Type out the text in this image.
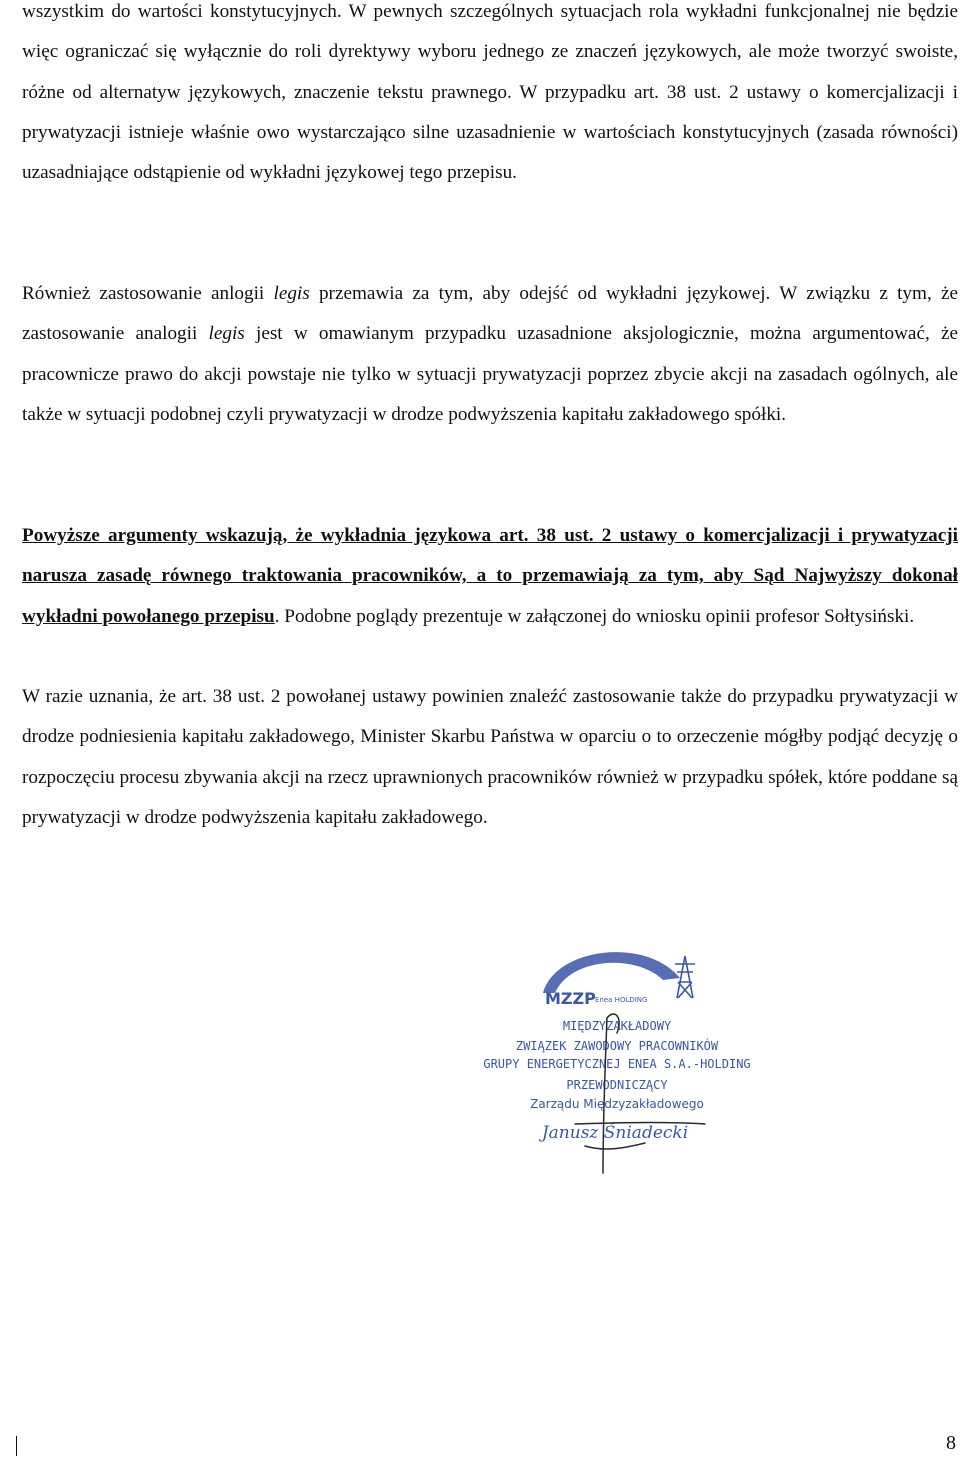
wszystkim do wartości konstytucyjnych. W pewnych szczególnych sytuacjach rola wykładni funkcjonalnej nie będzie więc ograniczać się wyłącznie do roli dyrektywy wyboru jednego ze znaczeń językowych, ale może tworzyć swoiste, różne od alternatyw językowych, znaczenie tekstu prawnego. W przypadku art. 38 ust. 2 ustawy o komercjalizacji i prywatyzacji istnieje właśnie owo wystarczająco silne uzasadnienie w wartościach konstytucyjnych (zasada równości) uzasadniające odstąpienie od wykładni językowej tego przepisu.

Również zastosowanie anlogii legis przemawia za tym, aby odejść od wykładni językowej. W związku z tym, że zastosowanie analogii legis jest w omawianym przypadku uzasadnione aksjologicznie, można argumentować, że pracownicze prawo do akcji powstaje nie tylko w sytuacji prywatyzacji poprzez zbycie akcji na zasadach ogólnych, ale także w sytuacji podobnej czyli prywatyzacji w drodze podwyższenia kapitału zakładowego spółki.

Powyższe argumenty wskazują, że wykładnia językowa art. 38 ust. 2 ustawy o komercjalizacji i prywatyzacji narusza zasadę równego traktowania pracowników, a to przemawiają za tym, aby Sąd Najwyższy dokonał wykładni powołanego przepisu. Podobne poglądy prezentuje w załączonej do wniosku opinii profesor Sołtysiński.

W razie uznania, że art. 38 ust. 2 powołanej ustawy powinien znaleźć zastosowanie także do przypadku prywatyzacji w drodze podniesienia kapitału zakładowego, Minister Skarbu Państwa w oparciu o to orzeczenie mógłby podjąć decyzję o rozpoczęciu procesu zbywania akcji na rzecz uprawnionych pracowników również w przypadku spółek, które poddane są prywatyzacji w drodze podwyższenia kapitału zakładowego.

MZZP Enea HOLDING
MIĘDZYZAKŁADOWY
ZWIĄZEK ZAWODOWY PRACOWNIKÓW
GRUPY ENERGETYCZNEJ ENEA S.A.-HOLDING
PRZEWODNICZĄCY
Zarządu Międzyzakładowego
Janusz Śniadecki
8
